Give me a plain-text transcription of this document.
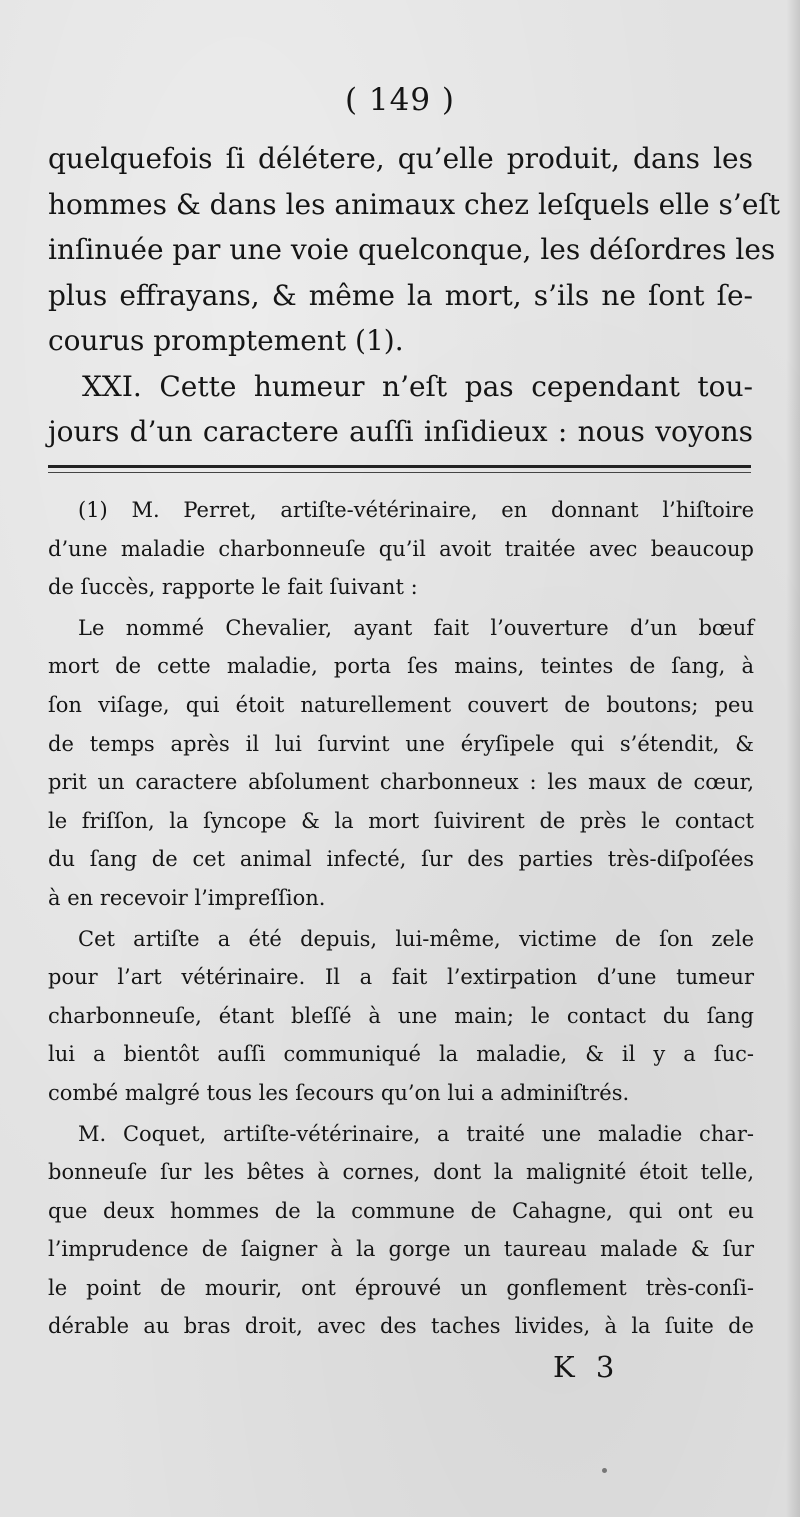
( 149 )
quelquefois ſi délétere, qu’elle produit, dans les
hommes & dans les animaux chez leſquels elle s’eſt
inſinuée par une voie quelconque, les déſordres les
plus effrayans, & même la mort, s’ils ne ſont ſe-
courus promptement (1).
XXI. Cette humeur n’eſt pas cependant tou-
jours d’un caractere auſſi inſidieux : nous voyons
(1) M. Perret, artiſte-vétérinaire, en donnant l’hiſtoire
d’une maladie charbonneuſe qu’il avoit traitée avec beaucoup
de ſuccès, rapporte le fait ſuivant :
Le nommé Chevalier, ayant fait l’ouverture d’un bœuf
mort de cette maladie, porta ſes mains, teintes de ſang, à
ſon viſage, qui étoit naturellement couvert de boutons; peu
de temps après il lui ſurvint une éryſipele qui s’étendit, &
prit un caractere abſolument charbonneux : les maux de cœur,
le friſſon, la ſyncope & la mort ſuivirent de près le contact
du ſang de cet animal infecté, ſur des parties très-diſpoſées
à en recevoir l’impreſſion.
Cet artiſte a été depuis, lui-même, victime de ſon zele
pour l’art vétérinaire. Il a fait l’extirpation d’une tumeur
charbonneuſe, étant bleſſé à une main; le contact du ſang
lui a bientôt auſſi communiqué la maladie, & il y a ſuc-
combé malgré tous les ſecours qu’on lui a adminiſtrés.
M. Coquet, artiſte-vétérinaire, a traité une maladie char-
bonneuſe ſur les bêtes à cornes, dont la malignité étoit telle,
que deux hommes de la commune de Cahagne, qui ont eu
l’imprudence de ſaigner à la gorge un taureau malade & ſur
le point de mourir, ont éprouvé un gonflement très-conſi-
dérable au bras droit, avec des taches livides, à la ſuite de
K 3
